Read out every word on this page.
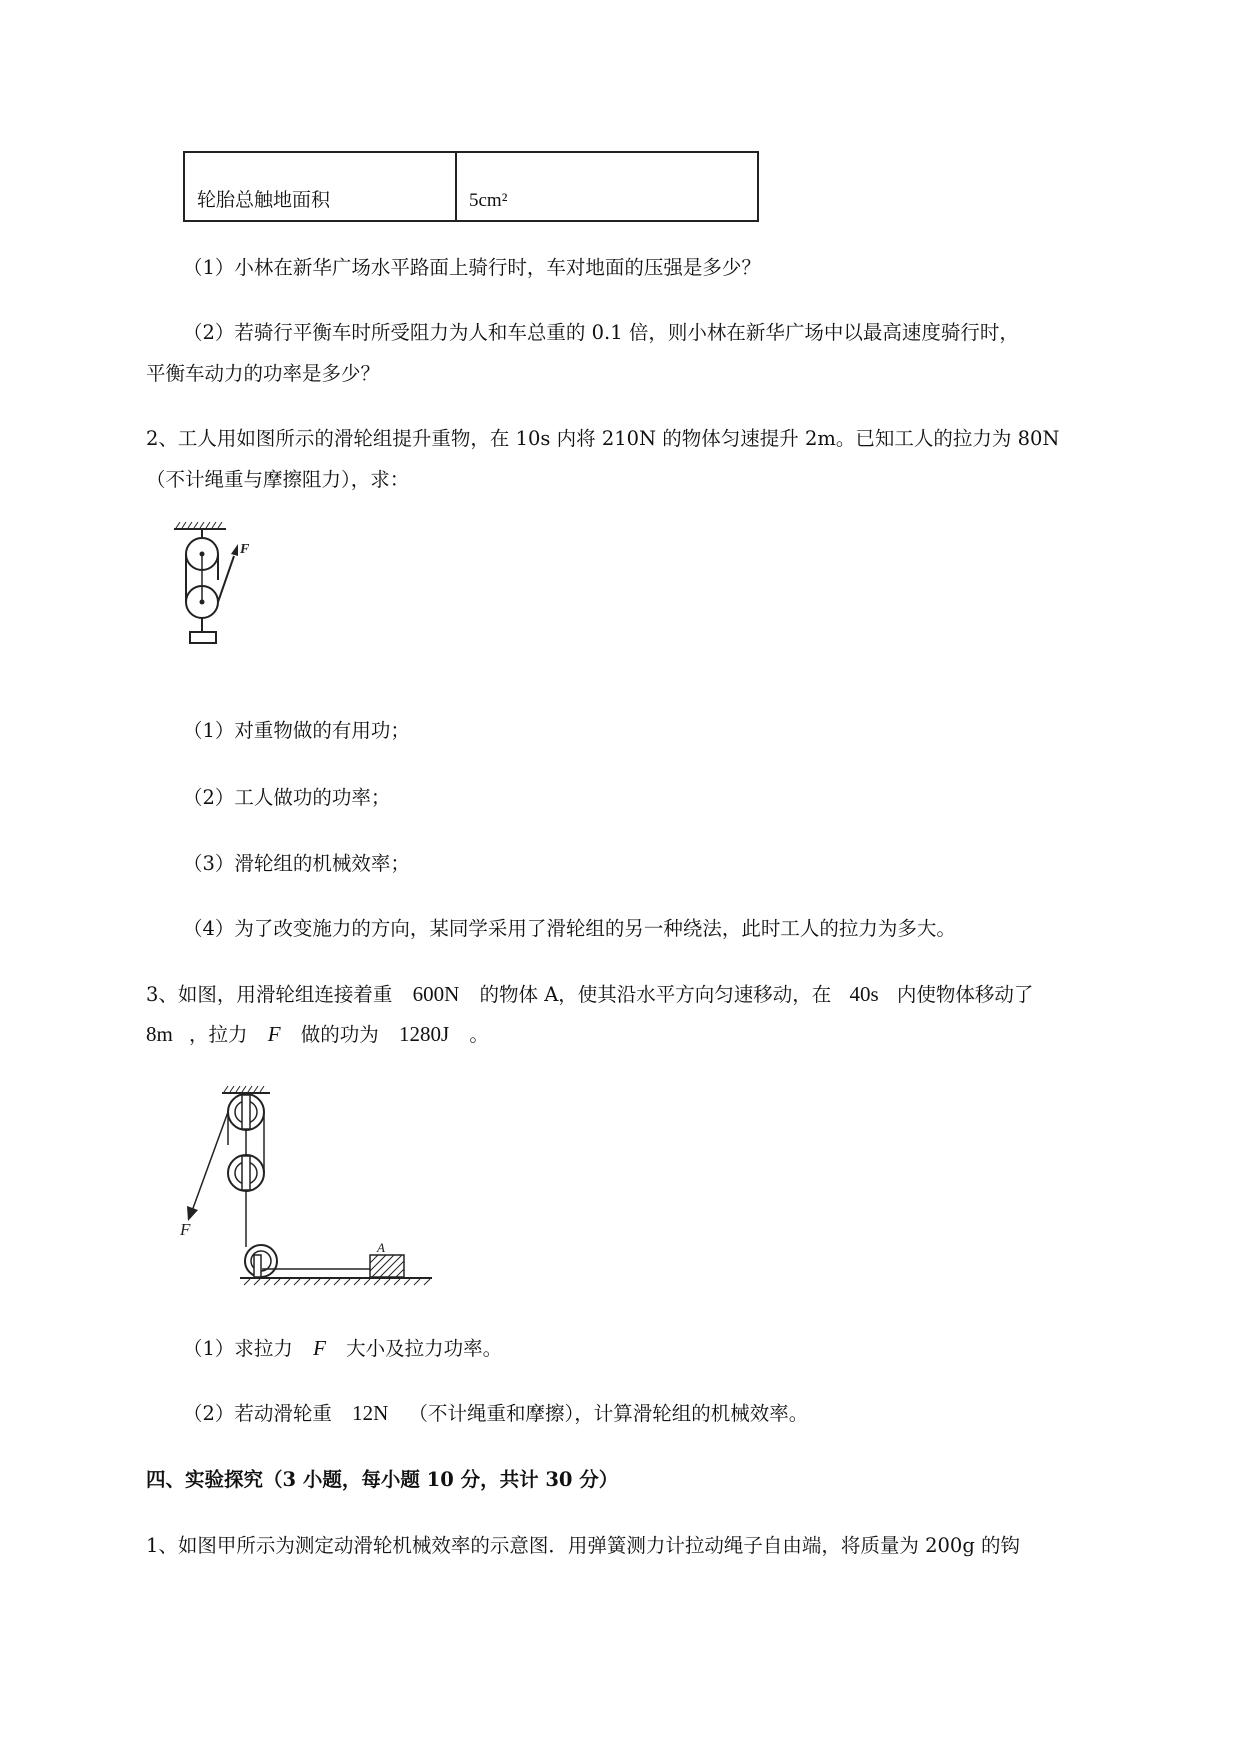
轮胎总触地面积	5cm²
（1）小林在新华广场水平路面上骑行时，车对地面的压强是多少？
（2）若骑行平衡车时所受阻力为人和车总重的 0.1 倍，则小林在新华广场中以最高速度骑行时，
平衡车动力的功率是多少？
2、工人用如图所示的滑轮组提升重物，在 10s 内将 210N 的物体匀速提升 2m。已知工人的拉力为 80N
（不计绳重与摩擦阻力），求：
F
（1）对重物做的有用功；
（2）工人做功的功率；
（3）滑轮组的机械效率；
（4）为了改变施力的方向，某同学采用了滑轮组的另一种绕法，此时工人的拉力为多大。
3、如图，用滑轮组连接着重 600N 的物体 A，使其沿水平方向匀速移动，在 40s 内使物体移动了
8m ，拉力 F 做的功为 1280J 。
F
A
（1）求拉力 F 大小及拉力功率。
（2）若动滑轮重 12N （不计绳重和摩擦），计算滑轮组的机械效率。
四、实验探究（3 小题，每小题 10 分，共计 30 分）
1、如图甲所示为测定动滑轮机械效率的示意图．用弹簧测力计拉动绳子自由端，将质量为 200g 的钩
